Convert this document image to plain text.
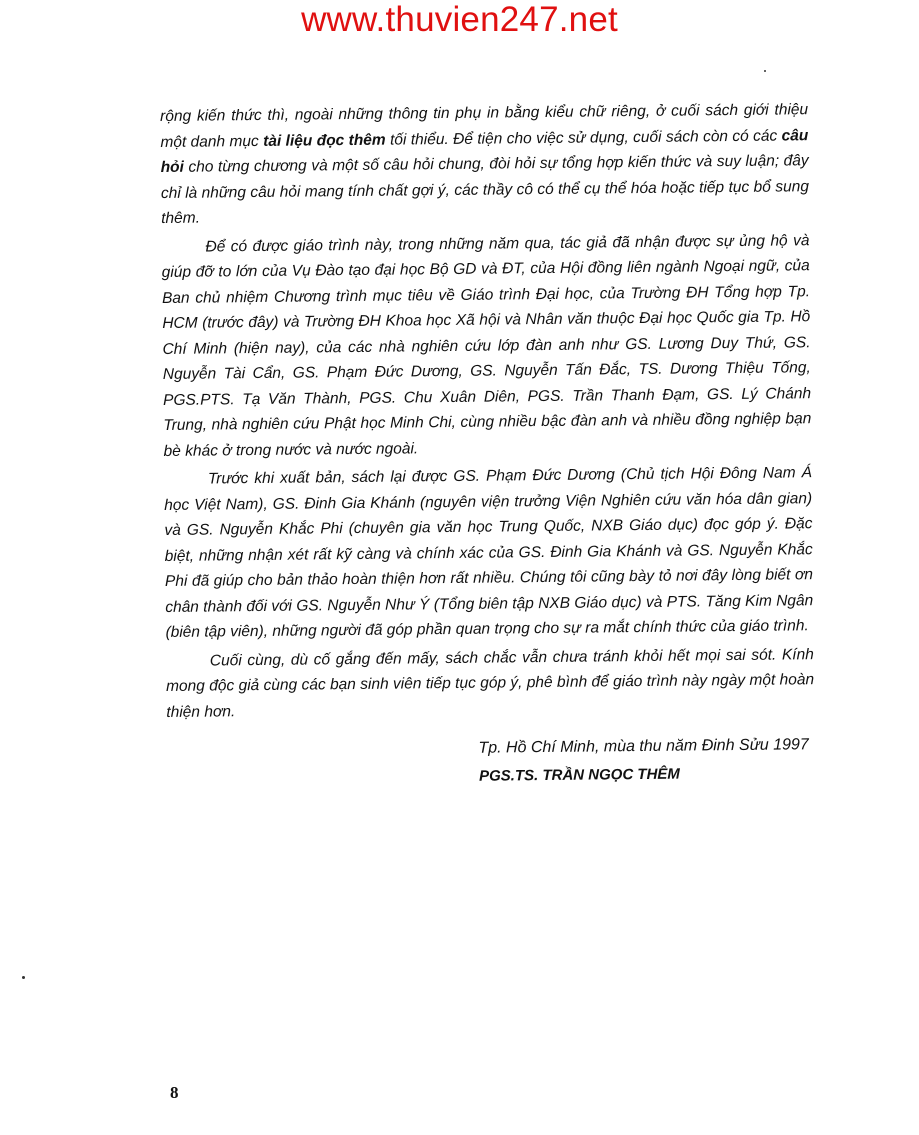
www.thuvien247.net

rộng kiến thức thì, ngoài những thông tin phụ in bằng kiểu chữ riêng, ở cuối sách giới thiệu một danh mục tài liệu đọc thêm tối thiểu. Để tiện cho việc sử dụng, cuối sách còn có các câu hỏi cho từng chương và một số câu hỏi chung, đòi hỏi sự tổng hợp kiến thức và suy luận; đây chỉ là những câu hỏi mang tính chất gợi ý, các thầy cô có thể cụ thể hóa hoặc tiếp tục bổ sung thêm.

Để có được giáo trình này, trong những năm qua, tác giả đã nhận được sự ủng hộ và giúp đỡ to lớn của Vụ Đào tạo đại học Bộ GD và ĐT, của Hội đồng liên ngành Ngoại ngữ, của Ban chủ nhiệm Chương trình mục tiêu về Giáo trình Đại học, của Trường ĐH Tổng hợp Tp. HCM (trước đây) và Trường ĐH Khoa học Xã hội và Nhân văn thuộc Đại học Quốc gia Tp. Hồ Chí Minh (hiện nay), của các nhà nghiên cứu lớp đàn anh như GS. Lương Duy Thứ, GS. Nguyễn Tài Cẩn, GS. Phạm Đức Dương, GS. Nguyễn Tấn Đắc, TS. Dương Thiệu Tống, PGS.PTS. Tạ Văn Thành, PGS. Chu Xuân Diên, PGS. Trần Thanh Đạm, GS. Lý Chánh Trung, nhà nghiên cứu Phật học Minh Chi, cùng nhiều bậc đàn anh và nhiều đồng nghiệp bạn bè khác ở trong nước và nước ngoài.

Trước khi xuất bản, sách lại được GS. Phạm Đức Dương (Chủ tịch Hội Đông Nam Á học Việt Nam), GS. Đinh Gia Khánh (nguyên viện trưởng Viện Nghiên cứu văn hóa dân gian) và GS. Nguyễn Khắc Phi (chuyên gia văn học Trung Quốc, NXB Giáo dục) đọc góp ý. Đặc biệt, những nhận xét rất kỹ càng và chính xác của GS. Đinh Gia Khánh và GS. Nguyễn Khắc Phi đã giúp cho bản thảo hoàn thiện hơn rất nhiều. Chúng tôi cũng bày tỏ nơi đây lòng biết ơn chân thành đối với GS. Nguyễn Như Ý (Tổng biên tập NXB Giáo dục) và PTS. Tăng Kim Ngân (biên tập viên), những người đã góp phần quan trọng cho sự ra mắt chính thức của giáo trình.

Cuối cùng, dù cố gắng đến mấy, sách chắc vẫn chưa tránh khỏi hết mọi sai sót. Kính mong độc giả cùng các bạn sinh viên tiếp tục góp ý, phê bình để giáo trình này ngày một hoàn thiện hơn.

Tp. Hồ Chí Minh, mùa thu năm Đinh Sửu 1997

PGS.TS. TRẦN NGỌC THÊM

8
